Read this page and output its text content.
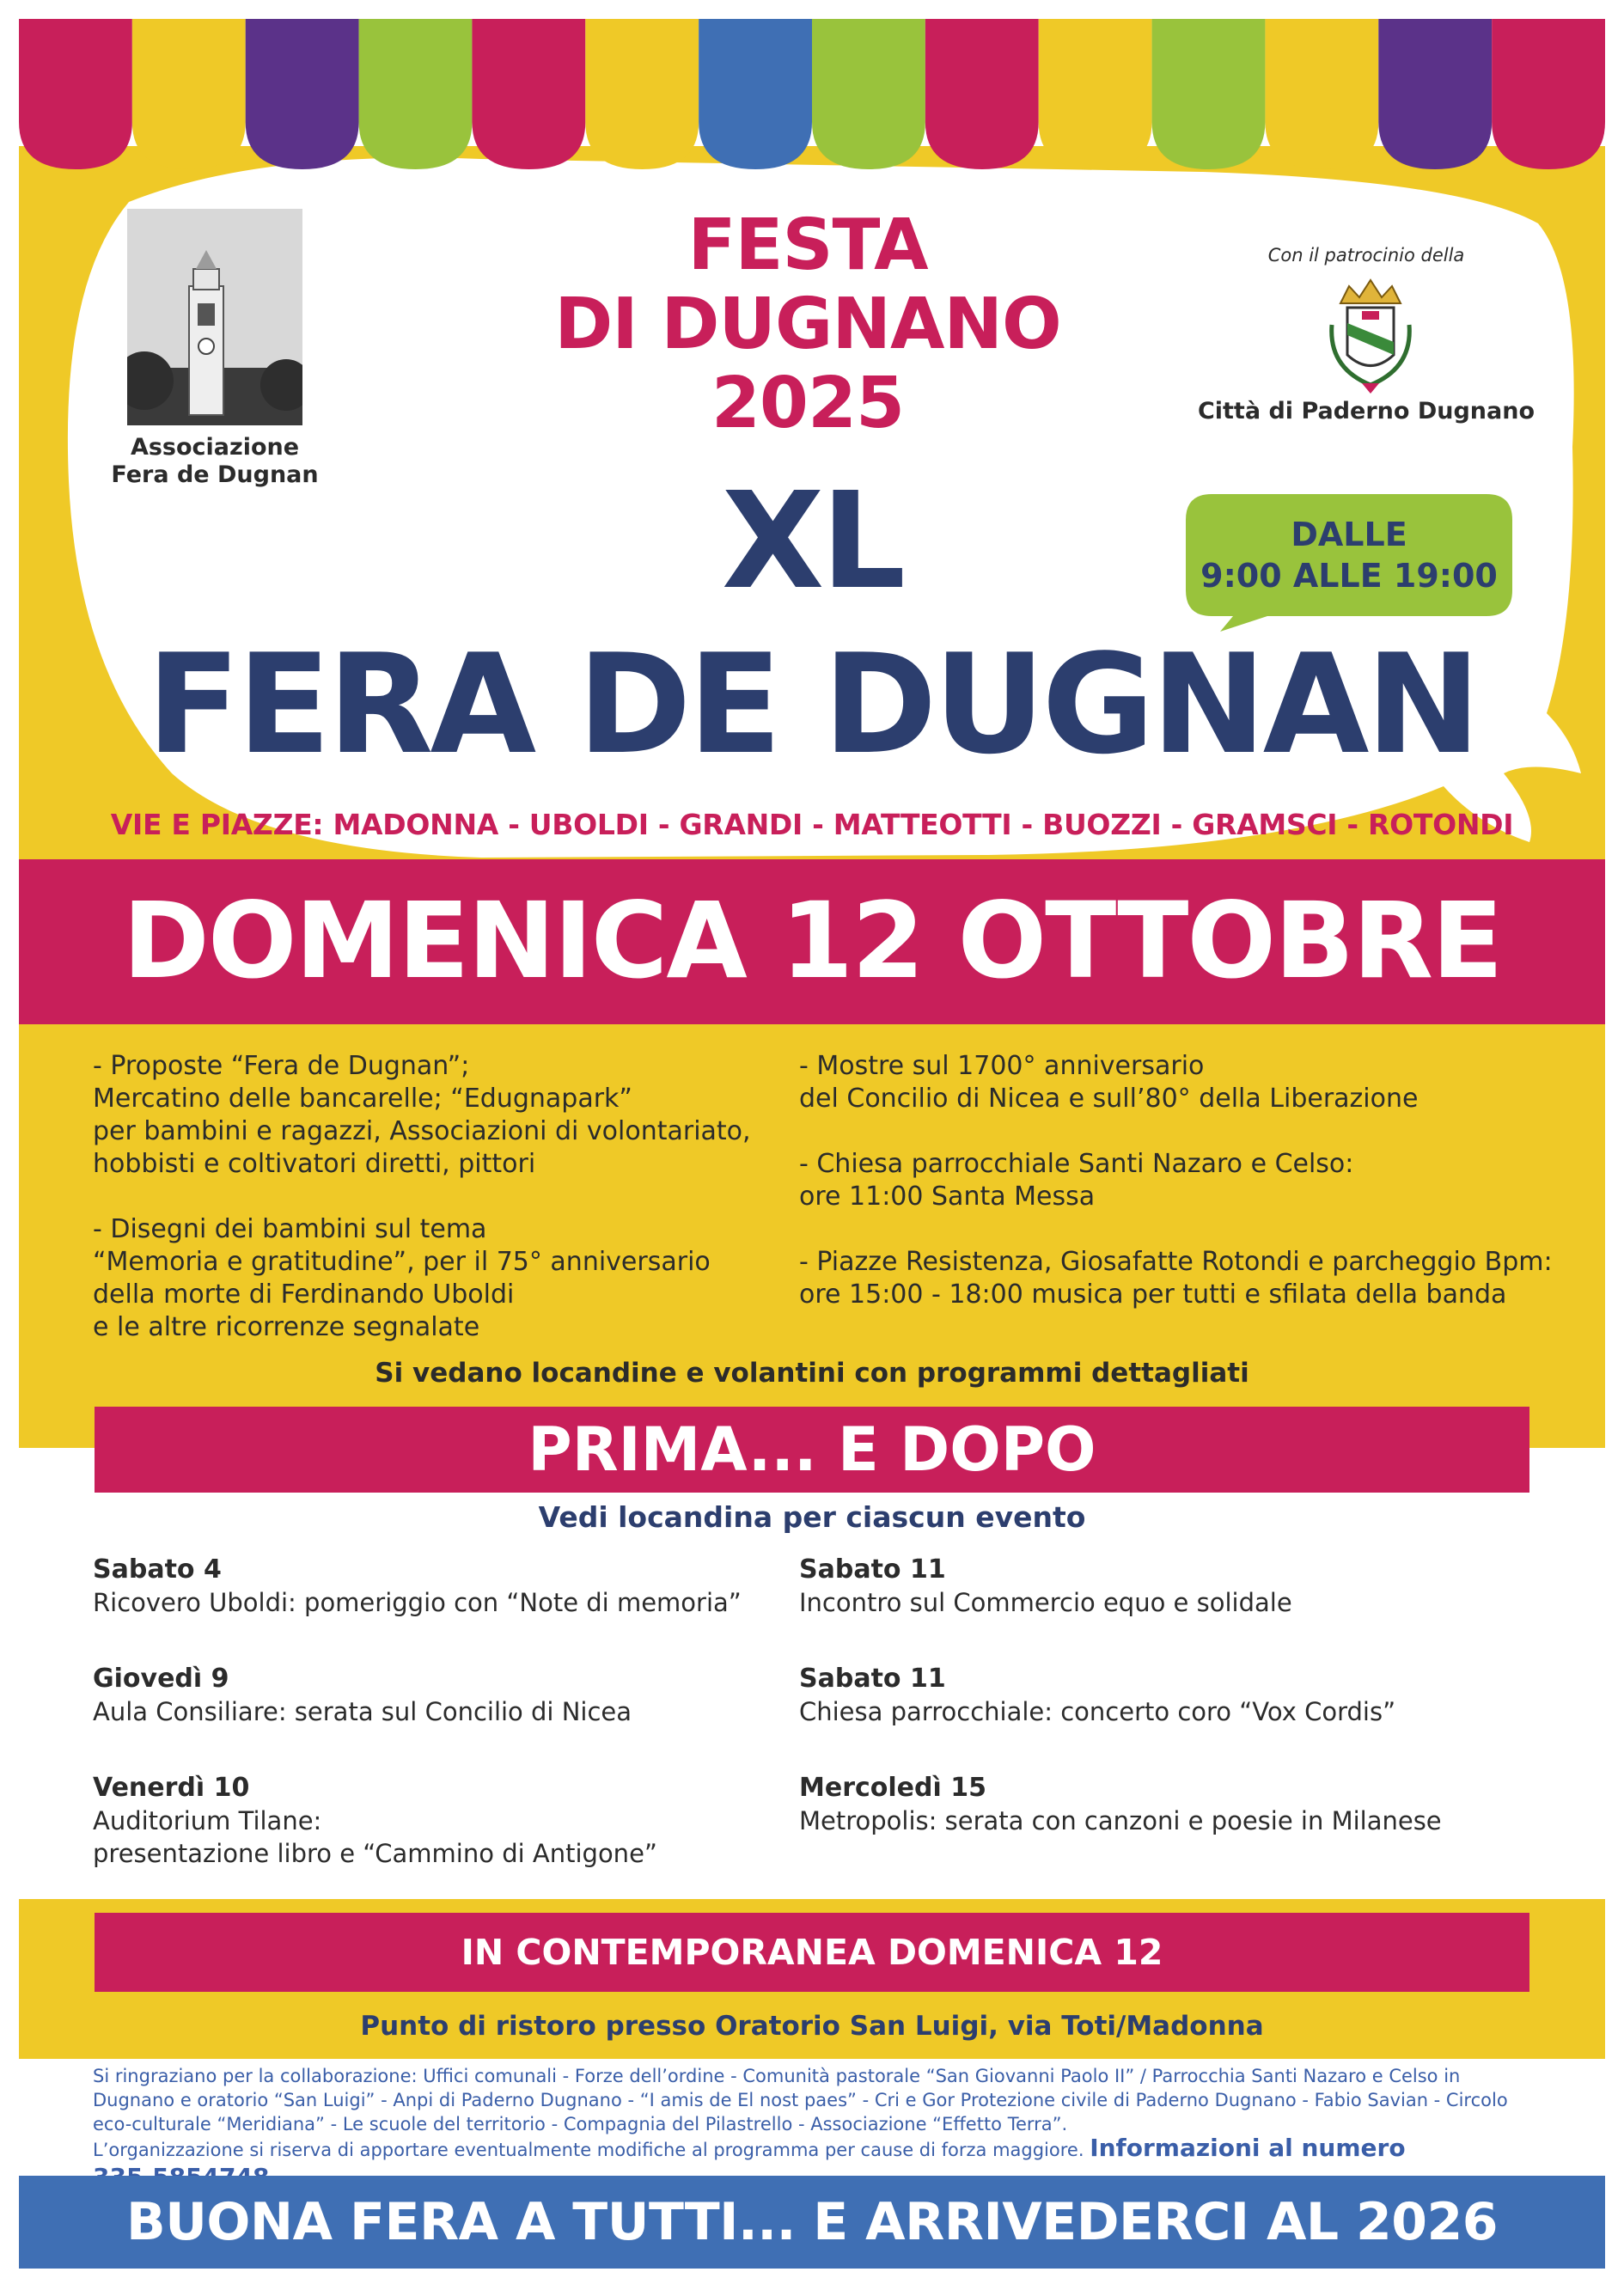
Associazione
Fera de Dugnan
Con il patrocinio della
Città di Paderno Dugnano
FESTA
DI DUGNANO
2025
XL	DALLE
9:00 ALLE 19:00
FERA DE DUGNAN
VIE E PIAZZE: MADONNA - UBOLDI - GRANDI - MATTEOTTI - BUOZZI - GRAMSCI - ROTONDI
DOMENICA 12 OTTOBRE
- Proposte “Fera de Dugnan”;
Mercatino delle bancarelle; “Edugnapark”
per bambini e ragazzi, Associazioni di volontariato,
hobbisti e coltivatori diretti, pittori

- Disegni dei bambini sul tema
“Memoria e gratitudine”, per il 75° anniversario
della morte di Ferdinando Uboldi
e le altre ricorrenze segnalate
- Mostre sul 1700° anniversario
del Concilio di Nicea e sull’80° della Liberazione

- Chiesa parrocchiale Santi Nazaro e Celso:
ore 11:00 Santa Messa

- Piazze Resistenza, Giosafatte Rotondi e parcheggio Bpm:
ore 15:00 - 18:00 musica per tutti e sfilata della banda
Si vedano locandine e volantini con programmi dettagliati
PRIMA... E DOPO
Vedi locandina per ciascun evento
Sabato 4
Ricovero Uboldi: pomeriggio con “Note di memoria”
Giovedì 9
Aula Consiliare: serata sul Concilio di Nicea
Venerdì 10
Auditorium Tilane:
presentazione libro e “Cammino di Antigone”
Sabato 11
Incontro sul Commercio equo e solidale
Sabato 11
Chiesa parrocchiale: concerto coro “Vox Cordis”
Mercoledì 15
Metropolis: serata con canzoni e poesie in Milanese
IN CONTEMPORANEA DOMENICA 12
Punto di ristoro presso Oratorio San Luigi, via Toti/Madonna
Si ringraziano per la collaborazione: Uffici comunali - Forze dell’ordine - Comunità pastorale “San Giovanni Paolo II” / Parrocchia Santi Nazaro e Celso in Dugnano e oratorio “San Luigi” - Anpi di Paderno Dugnano - “I amis de El nost paes” - Cri e Gor Protezione civile di Paderno Dugnano - Fabio Savian - Circolo eco-culturale “Meridiana” - Le scuole del territorio - Compagnia del Pilastrello - Associazione “Effetto Terra”.
L’organizzazione si riserva di apportare eventualmente modifiche al programma per cause di forza maggiore. Informazioni al numero
BUONA FERA A TUTTI... E ARRIVEDERCI AL 2026
